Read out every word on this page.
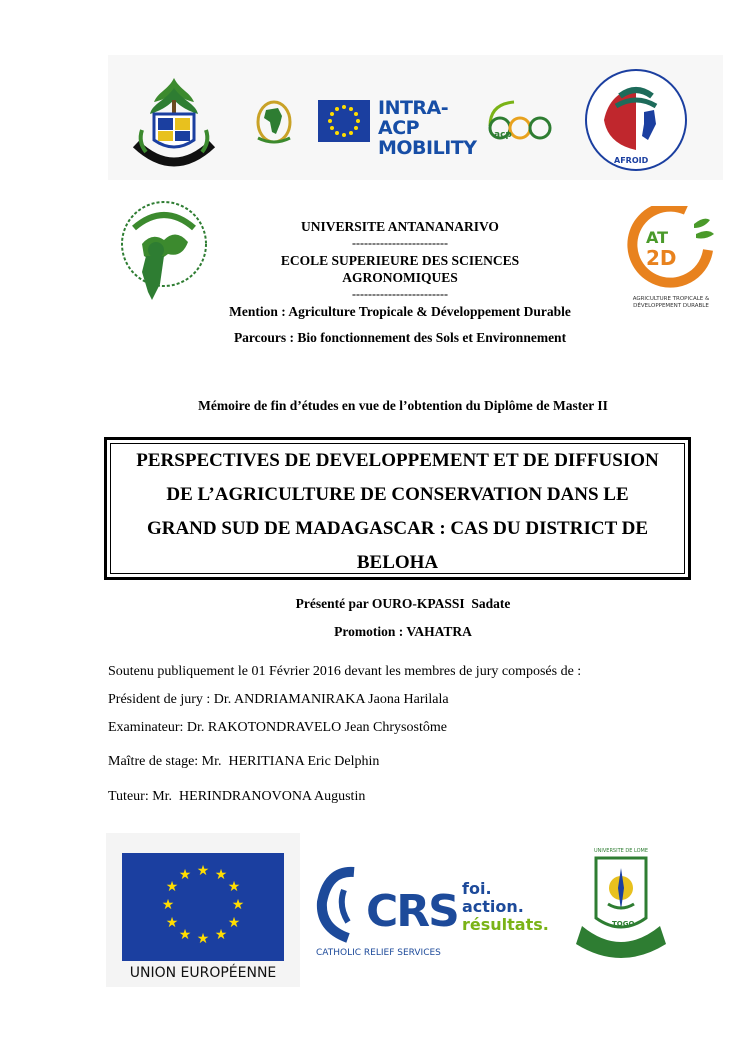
INTRA-ACP
MOBILITY
acp
AFROID
UNIVERSITE ANTANANARIVO
------------------------
ECOLE SUPERIEURE DES SCIENCES
AGRONOMIQUES
------------------------
Mention : Agriculture Tropicale & Développement Durable
Parcours : Bio fonctionnement des Sols et Environnement
AT
2D
AGRICULTURE TROPICALE &
DÉVELOPPEMENT DURABLE
Mémoire de fin d’études en vue de l’obtention du Diplôme de Master II
PERSPECTIVES DE DEVELOPPEMENT ET DE DIFFUSION
DE L’AGRICULTURE DE CONSERVATION DANS LE
GRAND SUD DE MADAGASCAR : CAS DU DISTRICT DE
BELOHA
Présenté par OURO-KPASSI  Sadate
Promotion : VAHATRA
Soutenu publiquement le 01 Février 2016 devant les membres de jury composés de :
Président de jury : Dr. ANDRIAMANIRAKA Jaona Harilala
Examinateur: Dr. RAKOTONDRAVELO Jean Chrysostôme
Maître de stage: Mr.  HERITIANA Eric Delphin
Tuteur: Mr.  HERINDRANOVONA Augustin
★ ★
★
★
★
★
★
★
★
★
★
★
UNION EUROPÉENNE
CRS
CATHOLIC RELIEF SERVICES
foi.
action.
résultats.
UNIVERSITE DE LOME
TOGO
